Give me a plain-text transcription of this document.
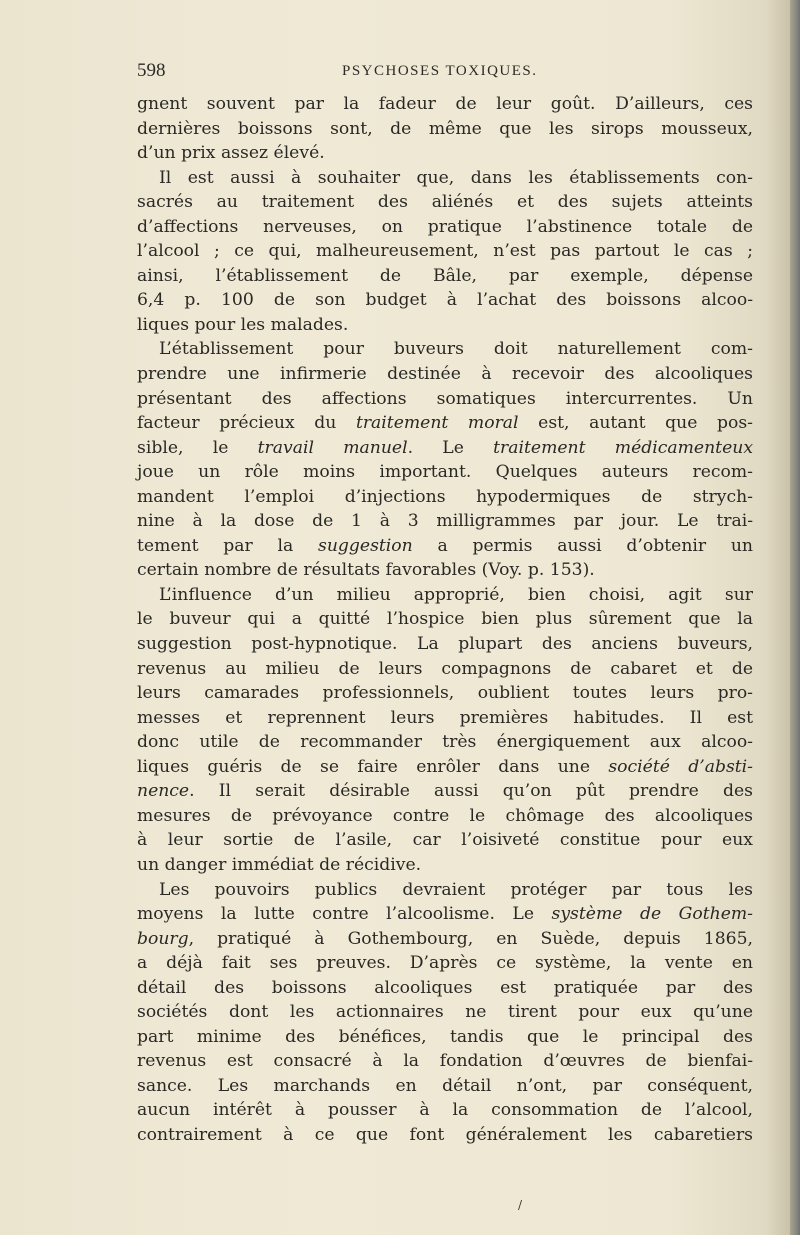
598	PSYCHOSES TOXIQUES.
gnent souvent par la fadeur de leur goût. D’ailleurs, ces
dernières boissons sont, de même que les sirops mousseux,
d’un prix assez élevé.
Il est aussi à souhaiter que, dans les établissements con-
sacrés au traitement des aliénés et des sujets atteints
d’affections nerveuses, on pratique l’abstinence totale de
l’alcool ; ce qui, malheureusement, n’est pas partout le cas ;
ainsi, l’établissement de Bâle, par exemple, dépense
6,4 p. 100 de son budget à l’achat des boissons alcoo-
liques pour les malades.
L’établissement pour buveurs doit naturellement com-
prendre une infirmerie destinée à recevoir des alcooliques
présentant des affections somatiques intercurrentes. Un
facteur précieux du traitement moral est, autant que pos-
sible, le travail manuel. Le traitement médicamenteux
joue un rôle moins important. Quelques auteurs recom-
mandent l’emploi d’injections hypodermiques de strych-
nine à la dose de 1 à 3 milligrammes par jour. Le trai-
tement par la suggestion a permis aussi d’obtenir un
certain nombre de résultats favorables (Voy. p. 153).
L’influence d’un milieu approprié, bien choisi, agit sur
le buveur qui a quitté l’hospice bien plus sûrement que la
suggestion post-hypnotique. La plupart des anciens buveurs,
revenus au milieu de leurs compagnons de cabaret et de
leurs camarades professionnels, oublient toutes leurs pro-
messes et reprennent leurs premières habitudes. Il est
donc utile de recommander très énergiquement aux alcoo-
liques guéris de se faire enrôler dans une société d’absti-
nence. Il serait désirable aussi qu’on pût prendre des
mesures de prévoyance contre le chômage des alcooliques
à leur sortie de l’asile, car l’oisiveté constitue pour eux
un danger immédiat de récidive.
Les pouvoirs publics devraient protéger par tous les
moyens la lutte contre l’alcoolisme. Le système de Gothem-
bourg, pratiqué à Gothembourg, en Suède, depuis 1865,
a déjà fait ses preuves. D’après ce système, la vente en
détail des boissons alcooliques est pratiquée par des
sociétés dont les actionnaires ne tirent pour eux qu’une
part minime des bénéfices, tandis que le principal des
revenus est consacré à la fondation d’œuvres de bienfai-
sance. Les marchands en détail n’ont, par conséquent,
aucun intérêt à pousser à la consommation de l’alcool,
contrairement à ce que font généralement les cabaretiers
/
